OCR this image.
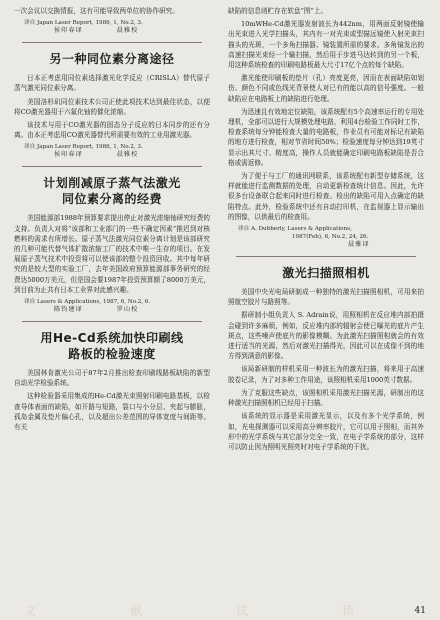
一次会议以交换情报，这有可能导致两单位的协作研究。

译自 Japan Laser Report, 1986, 1, No.2, 3.
侯印春译	晨雅校
另一种同位素分离途径

日本正考虑用同位素选择激光化学反应（CRISLA）替代原子蒸气激光同位素分离。

美国洛杉矶同位素技术公司正使此项技术达到最佳状态，以便将CO激光器用于六氟化铀的催化浓缩。

该技术与用于CO激光器的固态分子反应的日本同步的还有分离。由本正考虑用CO激光器替代所需要有效的工业用激光器。

译自 Japan Laser Report, 1986, 1, No.2, 3.
侯印春译	晨雅校
计划削减原子蒸气法激光
同位素分离的经费

美国能源部1988年预算要求提出停止对激光浓缩铀研究经费的支持。负责人对将“该部和工业部门的一些不确定因素”推迟到对核燃料的需求有所增长。原子蒸气法激光同位素分离计划是该部研究的几种可能代替气体扩散浓缩工厂的技术中唯一生存的项目。在发展原子蒸气技术中投资将可以使该部的整个投资回收。其中每年研究的是较大型的实验工厂，去年美国政府预算能源部事务研究的经费达5000万美元，但是国会要1987年投资预算额了8000万美元，到目前为止共有日本工业界对此感兴趣。

译自 Lasers & Applications, 1987, 6, No.2, 6.
陈钧建译	罗山校
用He-Cd系统加快印刷线
路板的检验速度

美国林肯激光公司于87年2月推出检查印刷线路板缺陷的新型自动光学检验系统。

这种检验器采用集成的He-Cd激光束照射印刷电路基板，以检查导体表面的缺陷，如开路与短路，裂口与小分层、夹起与膨胀，孤岛金属及垫片偏心孔，以及超出公差范围的导体宽度与间距等。有关

缺陷的信息则贮存在软盘“图”上。

10mWHe-Cd激光器发射波长为442nm，用两面反射镜使输出光束进入光学扫描头，其内有一对光束或型描远镜使入射光束扫描头的光斑，一个多角扫描器、镜装置所需的要求。多角镜发出的高速扫描光束经一个输扫描，然后用于步进马达转到的另一个板，用这种系统检查的印刷电路板最大尺寸17亿个点的每个缺陷。

激光能使印刷板的垫片（孔）亮度更亮，因而在表面缺陷如划伤、颜色不同或色线光背景使人对已有的能以高的信号强度。一般缺陷应在电路板上的缺陷进行处理。

为迅速且有效地定位缺陷，该系统配有5个高速率运行的专用处理机，全部可以进行大规模处理电路，利用4台检验工作同时工作，检查系统每分钟能检查大量的电路板，作业员有可能对标记有缺陷的地方进行检查，相对节省时间50%；检验速度每分钟达到19英寸显示出其尺寸、精度高，操作人员就能确定印刷电路板缺陷是否合格或需返修。

为了便于与工厂的通讯网联系，该系统配有新型存储系统，这样就能进行监测数据的处理，自动更新检查统计信息。因此，允许很多台设备联合起来同时进行检查。检出的缺陷可用人点确定的缺陷特点。此外，检验系统中还有自动打印机，在监视器上显示输出的图像，以供最后的检查用。

译自 A. Dubberly, Lasers & Applications,
1987(Feb), 6, No.2, 24, 26.
晨雅译
激光扫描照相机

美国中央光电局研制成一种独特的激光扫描照相机，可用来拍照航空胶片与路照等。

据研制小组负责人 S. Adrain说，用照相机在反应堆内部拍摄会碰到许多麻烦，例如，反应堆内部的辐射会使已曝光的底片产生斑点，这些噪声使底片的影像模糊。为此激光扫描照相就会的有效进行适当的光源，然后对激光扫描得光，因此可以在成像不到的地方得到满意的影像。

该局新研制的样机采用一种波长为的激光扫描，将来用于高速胶卷记录，为了对多种工作用途，该照相机采用1000英寸数据。

为了克服这些缺点，该照相机采用激光扫描光源，研制出的这种激光扫描照相机已经用于扫描。

该系统的显示器是采用激光显示，以及有多个光学系统，例如，光电探测器可以采用高分辨率胶片，它可以用于照相，而其外形中的光学系统与其它部分完全一致，在电子学系统的部分，这样可以防止因为照明光照亮时对电子学系统的干扰。

41
文	献	试	读
